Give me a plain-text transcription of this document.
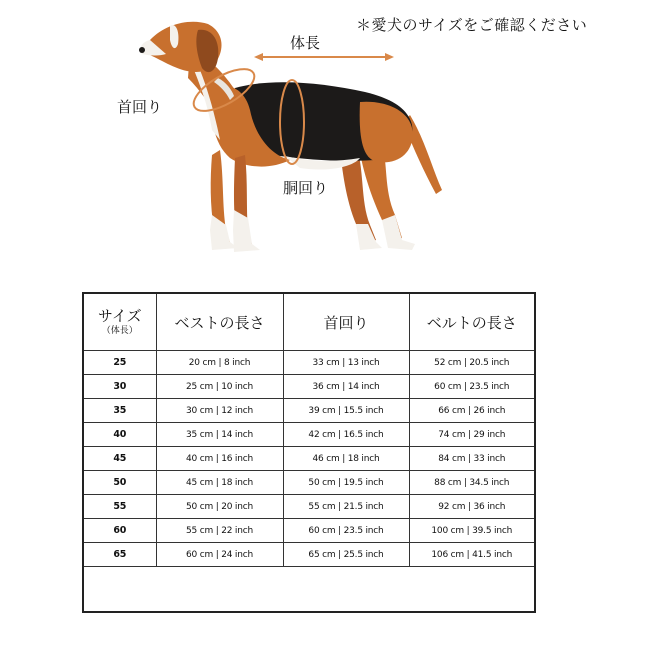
＊愛犬のサイズをご確認ください
体長
首回り
胴回り
サイズ
（体長）	ベストの長さ	首回り	ベルトの長さ
25	20 cm | 8 inch	33 cm | 13 inch	52 cm | 20.5 inch
30	25 cm | 10 inch	36 cm | 14 inch	60 cm | 23.5 inch
35	30 cm | 12 inch	39 cm | 15.5 inch	66 cm | 26 inch
40	35 cm | 14 inch	42 cm | 16.5 inch	74 cm | 29 inch
45	40 cm | 16 inch	46 cm | 18 inch	84 cm | 33 inch
50	45 cm | 18 inch	50 cm | 19.5 inch	88 cm | 34.5 inch
55	50 cm | 20 inch	55 cm | 21.5 inch	92 cm | 36 inch
60	55 cm | 22 inch	60 cm | 23.5 inch	100 cm | 39.5 inch
65	60 cm | 24 inch	65 cm | 25.5 inch	106 cm | 41.5 inch
